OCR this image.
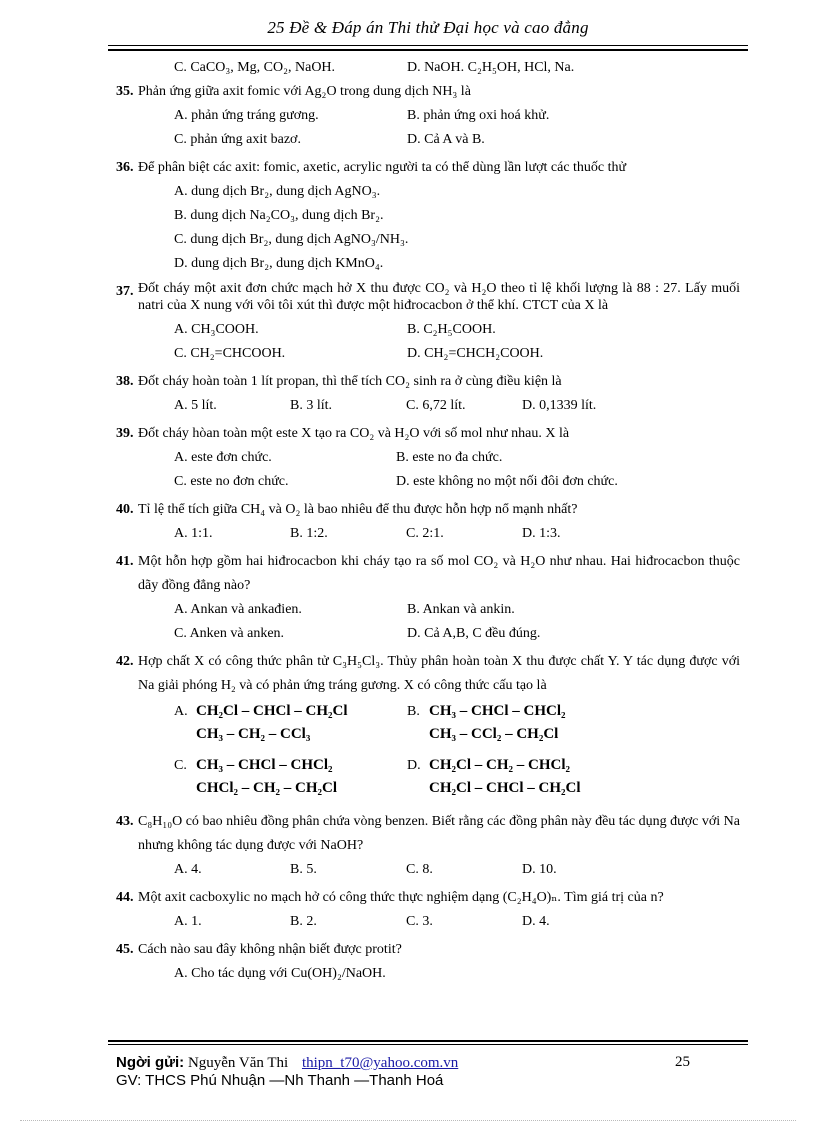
25 Đề & Đáp án Thi thử Đại học và cao đẳng
C. CaCO₃, Mg, CO₂, NaOH.	D. NaOH. C₂H₅OH, HCl, Na.
35. Phản ứng giữa axit fomic với Ag₂O trong dung dịch NH₃ là
A. phản ứng tráng gương.	B. phản ứng oxi hoá khử.
C. phản ứng axit bazơ.	D. Cả A và B.
36. Để phân biệt các axit: fomic, axetic, acrylic người ta có thể dùng lần lượt các thuốc thử
A. dung dịch Br₂, dung dịch AgNO₃.
B. dung dịch Na₂CO₃, dung dịch Br₂.
C. dung dịch Br₂, dung dịch AgNO₃/NH₃.
D. dung dịch Br₂, dung dịch KMnO₄.
37. Đốt cháy một axit đơn chức mạch hở X thu được CO₂ và H₂O theo tỉ lệ khối lượng là 88 : 27. Lấy muối natri của X nung với vôi tôi xút thì được một hiđrocacbon ở thể khí. CTCT của X là
A. CH₃COOH.	B. C₂H₅COOH.
C. CH₂=CHCOOH.	D. CH₂=CHCH₂COOH.
38. Đốt cháy hoàn toàn 1 lít propan, thì thể tích CO₂ sinh ra ở cùng điều kiện là
A. 5 lít.	B. 3 lít.	C. 6,72 lít.	D. 0,1339 lít.
39. Đốt cháy hòan toàn một este X tạo ra CO₂ và H₂O với số mol như nhau. X là
A. este đơn chức.	B. este no đa chức.
C. este no đơn chức.	D. este không no một nối đôi đơn chức.
40. Tỉ lệ thể tích giữa CH₄ và O₂ là bao nhiêu để thu được hỗn hợp nổ mạnh nhất?
A. 1:1.	B. 1:2.	C. 2:1.	D. 1:3.
41. Một hỗn hợp gồm hai hiđrocacbon khi cháy tạo ra số mol CO₂ và H₂O như nhau. Hai hiđrocacbon thuộc dãy đồng đẳng nào?
A. Ankan và ankađien.	B. Ankan và ankin.
C. Anken và anken.	D. Cả A,B, C đều đúng.
42. Hợp chất X có công thức phân tử C₃H₅Cl₃. Thủy phân hoàn toàn X thu được chất Y. Y tác dụng được với Na giải phóng H₂ và có phản ứng tráng gương. X có công thức cấu tạo là
A. CH₂Cl – CHCl – CH₂Cl
CH₃ – CH₂ – CCl₃
B. CH₃ – CHCl – CHCl₂
CH₃ – CCl₂ – CH₂Cl
C. CH₃ – CHCl – CHCl₂
CHCl₂ – CH₂ – CH₂Cl
D. CH₂Cl – CH₂ – CHCl₂
CH₂Cl – CHCl – CH₂Cl
43. C₈H₁₀O có bao nhiêu đồng phân chứa vòng benzen. Biết rằng các đồng phân này đều tác dụng được với Na nhưng không tác dụng được với NaOH?
A. 4.	B. 5.	C. 8.	D. 10.
44. Một axit cacboxylic no mạch hở có công thức thực nghiệm dạng (C₂H₄O)ₙ. Tìm giá trị của n?
A. 1.	B. 2.	C. 3.	D. 4.
45. Cách nào sau đây không nhận biết được protit?
A. Cho tác dụng với Cu(OH)₂/NaOH.
Ngời gửi: Nguyễn Văn Thi thipn_t70@yahoo.com.vn	25
GV: THCS Phú Nhuận —Nh Thanh —Thanh Hoá
